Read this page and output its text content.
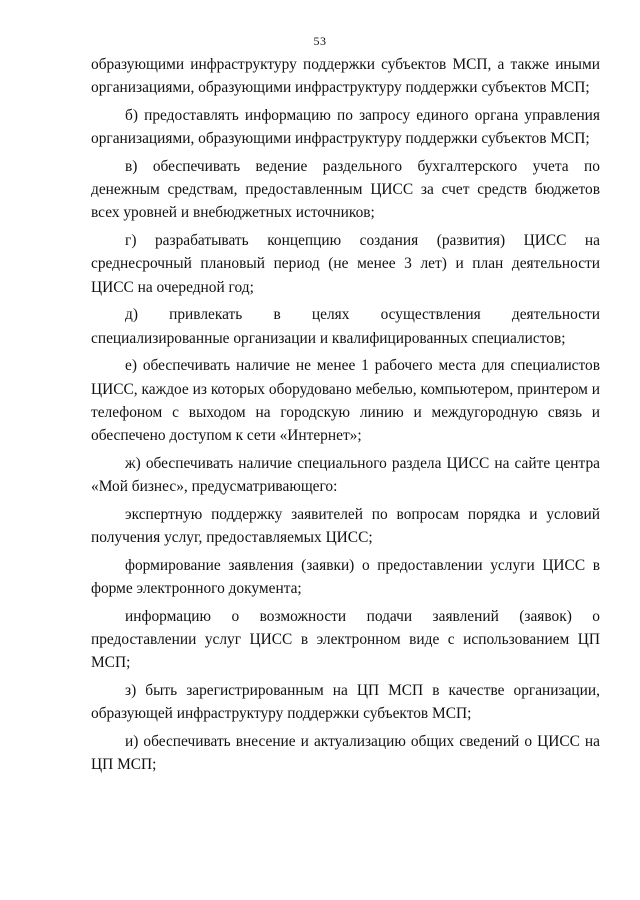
53

образующими инфраструктуру поддержки субъектов МСП, а также иными организациями, образующими инфраструктуру поддержки субъектов МСП;

б) предоставлять информацию по запросу единого органа управления организациями, образующими инфраструктуру поддержки субъектов МСП;

в) обеспечивать ведение раздельного бухгалтерского учета по денежным средствам, предоставленным ЦИСС за счет средств бюджетов всех уровней и внебюджетных источников;

г) разрабатывать концепцию создания (развития) ЦИСС на среднесрочный плановый период (не менее 3 лет) и план деятельности ЦИСС на очередной год;

д) привлекать в целях осуществления деятельности специализированные организации и квалифицированных специалистов;

е) обеспечивать наличие не менее 1 рабочего места для специалистов ЦИСС, каждое из которых оборудовано мебелью, компьютером, принтером и телефоном с выходом на городскую линию и междугородную связь и обеспечено доступом к сети «Интернет»;

ж) обеспечивать наличие специального раздела ЦИСС на сайте центра «Мой бизнес», предусматривающего:

экспертную поддержку заявителей по вопросам порядка и условий получения услуг, предоставляемых ЦИСС;

формирование заявления (заявки) о предоставлении услуги ЦИСС в форме электронного документа;

информацию о возможности подачи заявлений (заявок) о предоставлении услуг ЦИСС в электронном виде с использованием ЦП МСП;

з) быть зарегистрированным на ЦП МСП в качестве организации, образующей инфраструктуру поддержки субъектов МСП;

и) обеспечивать внесение и актуализацию общих сведений о ЦИСС на ЦП МСП;
